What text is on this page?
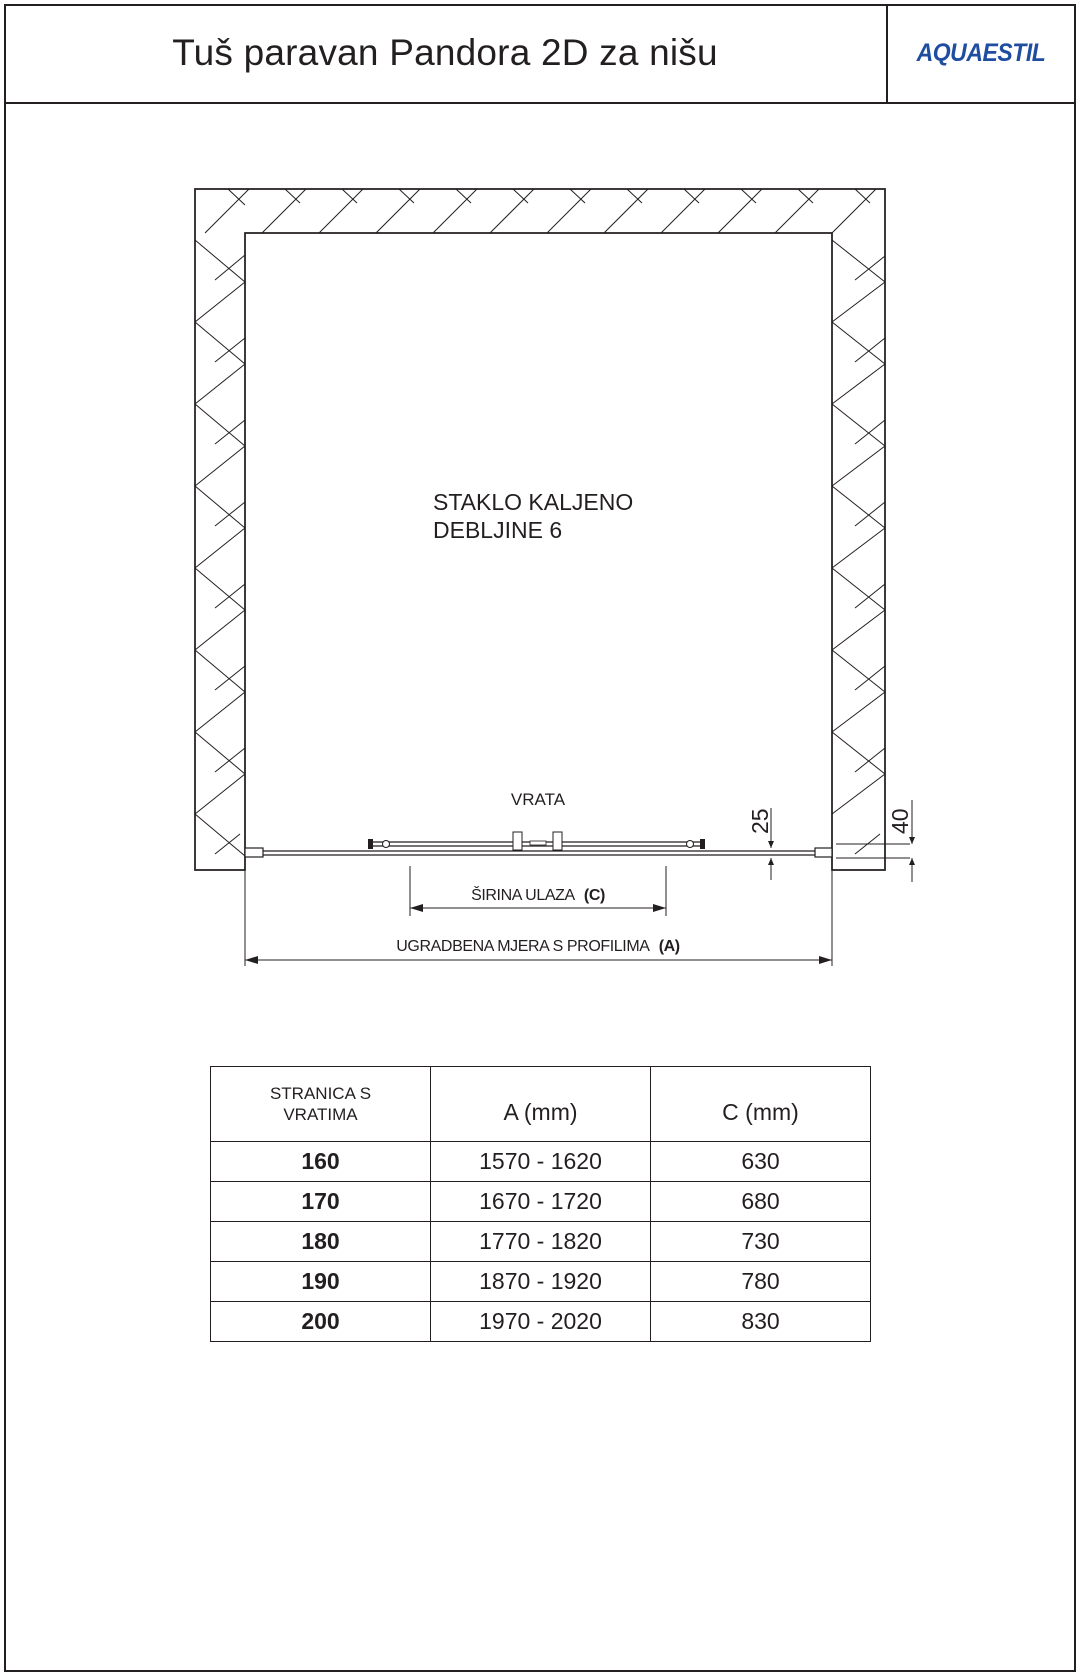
Tuš paravan Pandora 2D za nišu	AQUAESTIL
STAKLO KALJENO
DEBLJINE 6
VRATA
25	40
ŠIRINA ULAZA (C)
UGRADBENA MJERA S PROFILIMA (A)
STRANICA S
VRATIMA	A (mm)	C (mm)
160	1570 - 1620	630
170	1670 - 1720	680
180	1770 - 1820	730
190	1870 - 1920	780
200	1970 - 2020	830
